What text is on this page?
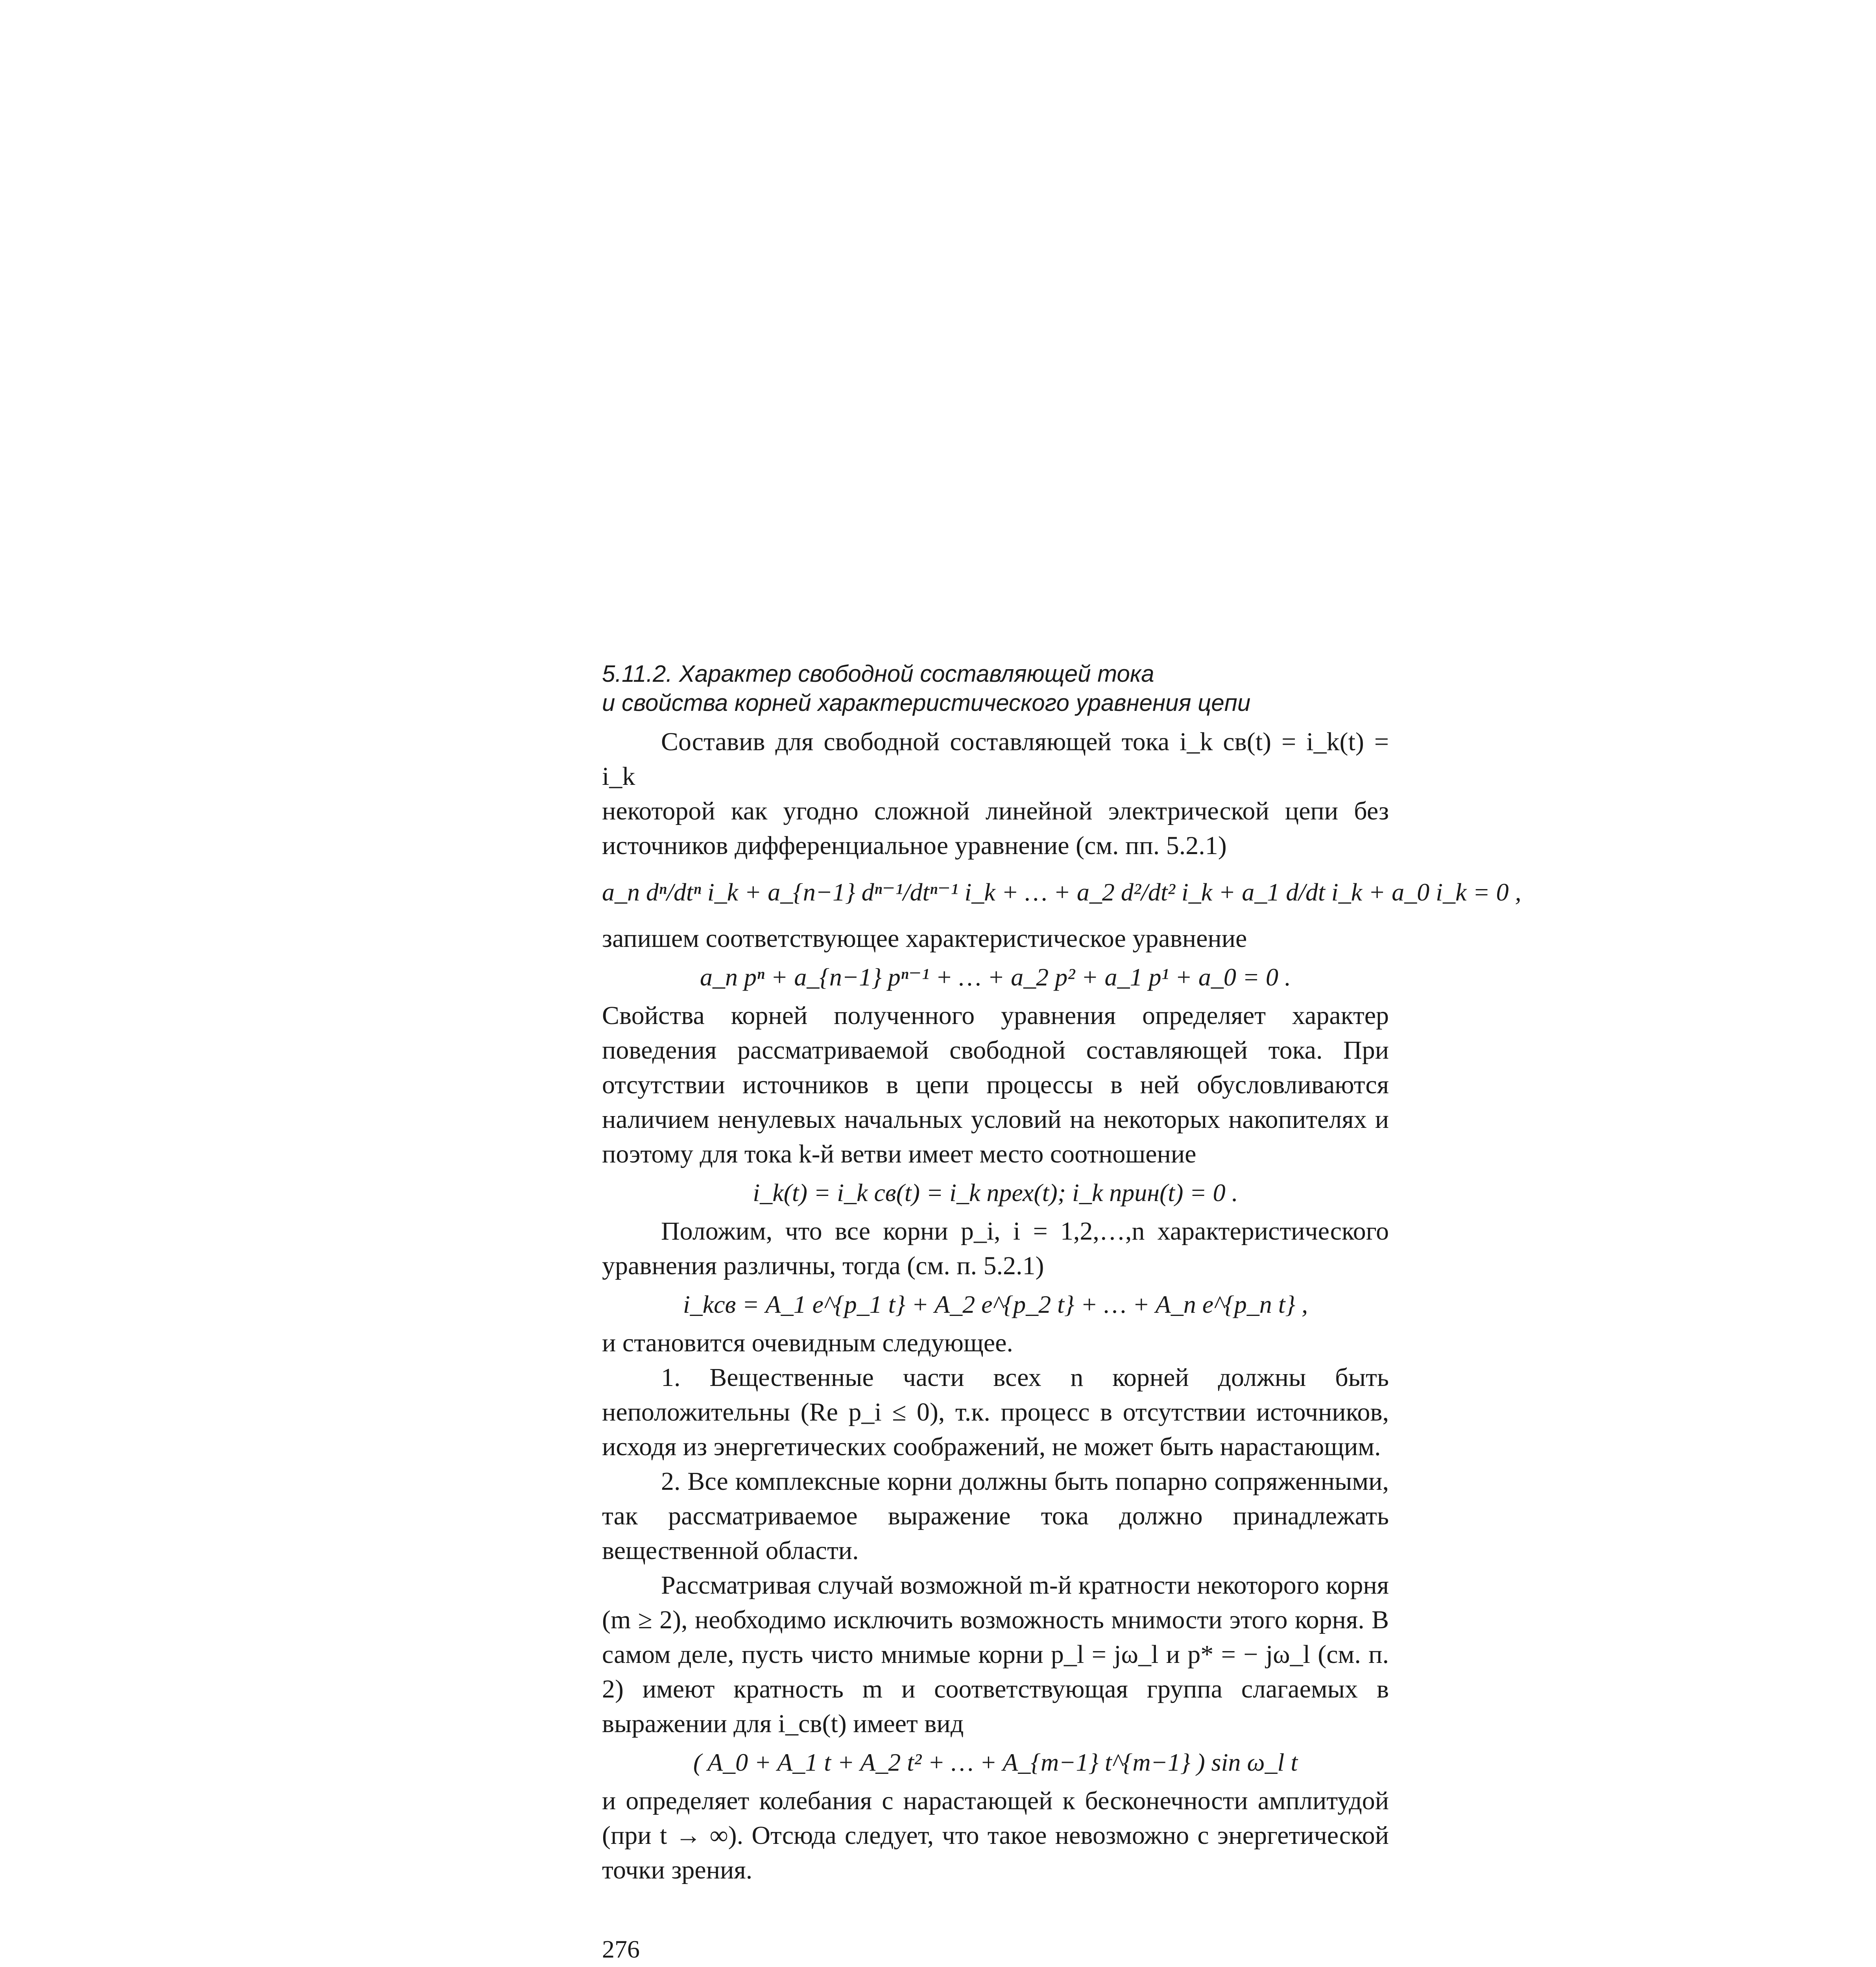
5.11.2. Характер свободной составляющей тока
и свойства корней характеристического уравнения цепи

Составив для свободной составляющей тока i_k св(t) = i_k(t) = i_k

некоторой как угодно сложной линейной электрической цепи без источников дифференциальное уравнение (см. пп. 5.2.1)

a_n dⁿ/dtⁿ i_k + a_{n−1} dⁿ⁻¹/dtⁿ⁻¹ i_k + … + a_2 d²/dt² i_k + a_1 d/dt i_k + a_0 i_k = 0 ,

запишем соответствующее характеристическое уравнение

a_n pⁿ + a_{n−1} pⁿ⁻¹ + … + a_2 p² + a_1 p¹ + a_0 = 0 .

Свойства корней полученного уравнения определяет характер поведения рассматриваемой свободной составляющей тока. При отсутствии источников в цепи процессы в ней обусловливаются наличием ненулевых начальных условий на некоторых накопителях и поэтому для тока k-й ветви имеет место соотношение

i_k(t) = i_k св(t) = i_k прех(t); i_k прин(t) = 0 .

Положим, что все корни p_i, i = 1,2,…,n характеристического уравнения различны, тогда (см. п. 5.2.1)

i_kсв = A_1 e^{p_1 t} + A_2 e^{p_2 t} + … + A_n e^{p_n t} ,

и становится очевидным следующее.

1. Вещественные части всех n корней должны быть неположительны (Re p_i ≤ 0), т.к. процесс в отсутствии источников, исходя из энергетических соображений, не может быть нарастающим.

2. Все комплексные корни должны быть попарно сопряженными, так рассматриваемое выражение тока должно принадлежать вещественной области.

Рассматривая случай возможной m-й кратности некоторого корня (m ≥ 2), необходимо исключить возможность мнимости этого корня. В самом деле, пусть чисто мнимые корни p_l = jω_l и p* = − jω_l (см. п. 2) имеют кратность m и соответствующая группа слагаемых в выражении для i_св(t) имеет вид

( A_0 + A_1 t + A_2 t² + … + A_{m−1} t^{m−1} ) sin ω_l t

и определяет колебания с нарастающей к бесконечности амплитудой (при t → ∞). Отсюда следует, что такое невозможно с энергетической точки зрения.

276
